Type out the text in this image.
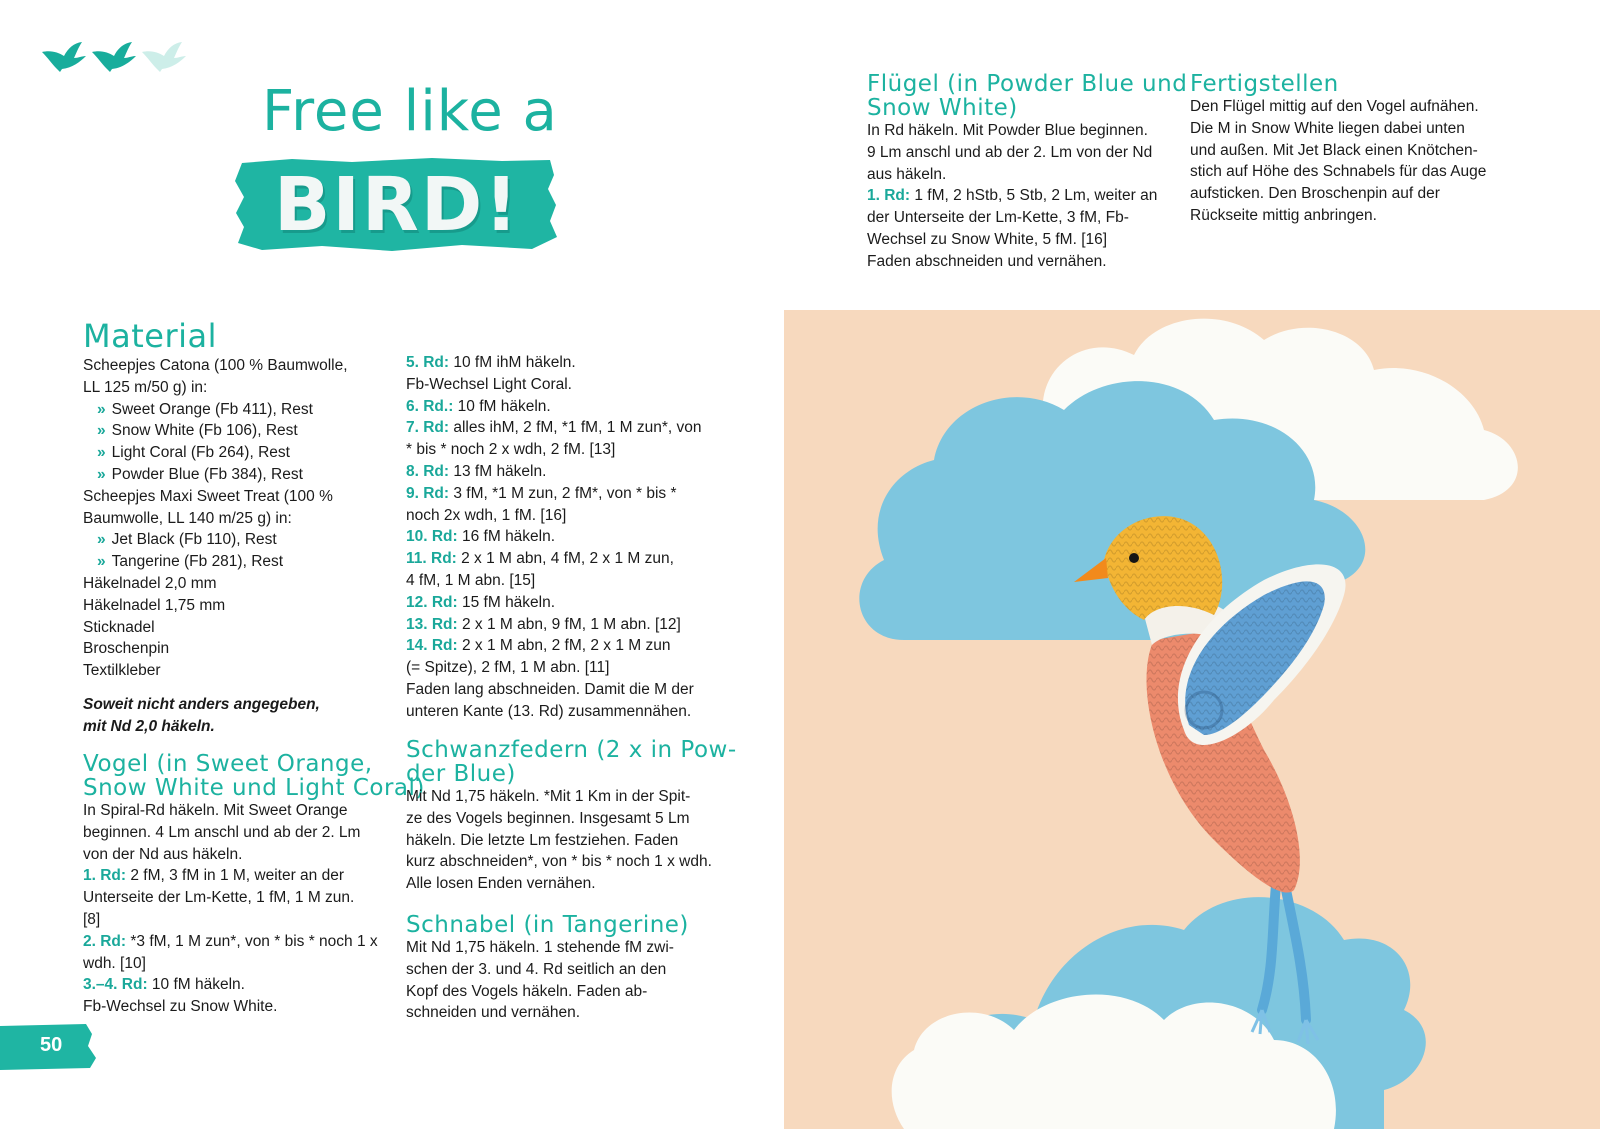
Free like a
BIRD!
Material
Scheepjes Catona (100 % Baumwolle,
LL 125 m/50 g) in:
» Sweet Orange (Fb 411), Rest
» Snow White (Fb 106), Rest
» Light Coral (Fb 264), Rest
» Powder Blue (Fb 384), Rest
Scheepjes Maxi Sweet Treat (100 %
Baumwolle, LL 140 m/25 g) in:
» Jet Black (Fb 110), Rest
» Tangerine (Fb 281), Rest
Häkelnadel 2,0 mm
Häkelnadel 1,75 mm
Sticknadel
Broschenpin
Textilkleber
Soweit nicht anders angegeben,
mit Nd 2,0 häkeln.
Vogel (in Sweet Orange,
Snow White und Light Coral)
In Spiral-Rd häkeln. Mit Sweet Orange
beginnen. 4 Lm anschl und ab der 2. Lm
von der Nd aus häkeln.
1. Rd: 2 fM, 3 fM in 1 M, weiter an der
Unterseite der Lm-Kette, 1 fM, 1 M zun.
[8]
2. Rd: *3 fM, 1 M zun*, von * bis * noch 1 x
wdh. [10]
3.–4. Rd: 10 fM häkeln.
Fb-Wechsel zu Snow White.
5. Rd: 10 fM ihM häkeln.
Fb-Wechsel Light Coral.
6. Rd.: 10 fM häkeln.
7. Rd: alles ihM, 2 fM, *1 fM, 1 M zun*, von
* bis * noch 2 x wdh, 2 fM. [13]
8. Rd: 13 fM häkeln.
9. Rd: 3 fM, *1 M zun, 2 fM*, von * bis *
noch 2x wdh, 1 fM. [16]
10. Rd: 16 fM häkeln.
11. Rd: 2 x 1 M abn, 4 fM, 2 x 1 M zun,
4 fM, 1 M abn. [15]
12. Rd: 15 fM häkeln.
13. Rd: 2 x 1 M abn, 9 fM, 1 M abn. [12]
14. Rd: 2 x 1 M abn, 2 fM, 2 x 1 M zun
(= Spitze), 2 fM, 1 M abn. [11]
Faden lang abschneiden. Damit die M der
unteren Kante (13. Rd) zusammennähen.
Schwanzfedern (2 x in Pow-
der Blue)
Mit Nd 1,75 häkeln. *Mit 1 Km in der Spit-
ze des Vogels beginnen. Insgesamt 5 Lm
häkeln. Die letzte Lm festziehen. Faden
kurz abschneiden*, von * bis * noch 1 x wdh.
Alle losen Enden vernähen.
Schnabel (in Tangerine)
Mit Nd 1,75 häkeln. 1 stehende fM zwi-
schen der 3. und 4. Rd seitlich an den
Kopf des Vogels häkeln. Faden ab-
schneiden und vernähen.
Flügel (in Powder Blue und
Snow White)
In Rd häkeln. Mit Powder Blue beginnen.
9 Lm anschl und ab der 2. Lm von der Nd
aus häkeln.
1. Rd: 1 fM, 2 hStb, 5 Stb, 2 Lm, weiter an
der Unterseite der Lm-Kette, 3 fM, Fb-
Wechsel zu Snow White, 5 fM. [16]
Faden abschneiden und vernähen.
Fertigstellen
Den Flügel mittig auf den Vogel aufnähen.
Die M in Snow White liegen dabei unten
und außen. Mit Jet Black einen Knötchen-
stich auf Höhe des Schnabels für das Auge
aufsticken. Den Broschenpin auf der
Rückseite mittig anbringen.
50
